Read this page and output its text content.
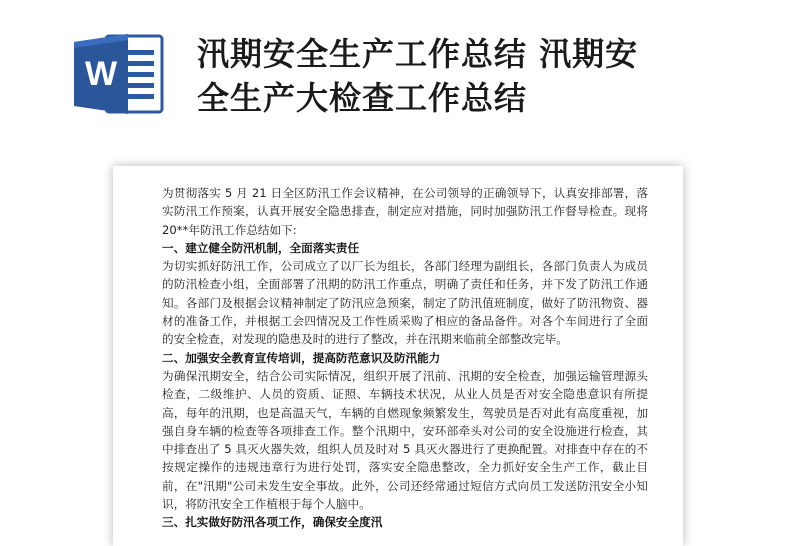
W
汛期安全生产工作总结 汛期安
全生产大检查工作总结

为贯彻落实 5 月 21 日全区防汛工作会议精神，在公司领导的正确领导下，认真安排部署，落实防汛工作预案，认真开展安全隐患排查，制定应对措施，同时加强防汛工作督导检查。现将 20**年防汛工作总结如下:

一、建立健全防汛机制，全面落实责任

为切实抓好防汛工作，公司成立了以厂长为组长，各部门经理为副组长，各部门负责人为成员的防汛检查小组，全面部署了汛期的防汛工作重点，明确了责任和任务，并下发了防汛工作通知。各部门及根据会议精神制定了防汛应急预案，制定了防汛值班制度，做好了防汛物资、器材的准备工作，并根据工会四情况及工作性质采购了相应的备品备件。对各个车间进行了全面的安全检查，对发现的隐患及时的进行了整改，并在汛期来临前全部整改完毕。

二、加强安全教育宣传培训，提高防范意识及防汛能力

为确保汛期安全，结合公司实际情况，组织开展了汛前、汛期的安全检查，加强运输管理源头检查，二级维护、人员的资质、证照、车辆技术状况，从业人员是否对安全隐患意识有所提高，每年的汛期，也是高温天气，车辆的自燃现象频繁发生，驾驶员是否对此有高度重视，加强自身车辆的检查等各项排查工作。整个汛期中，安环部牵头对公司的安全设施进行检查，其中排查出了 5 具灭火器失效，组织人员及时对 5 具灭火器进行了更换配置。对排查中存在的不按规定操作的违规违章行为进行处罚，落实安全隐患整改，全力抓好安全生产工作，截止目前，在"汛期"公司未发生安全事故。此外，公司还经常通过短信方式向员工发送防汛安全小知识，将防汛安全工作植根于每个人脑中。

三、扎实做好防汛各项工作，确保安全度汛
